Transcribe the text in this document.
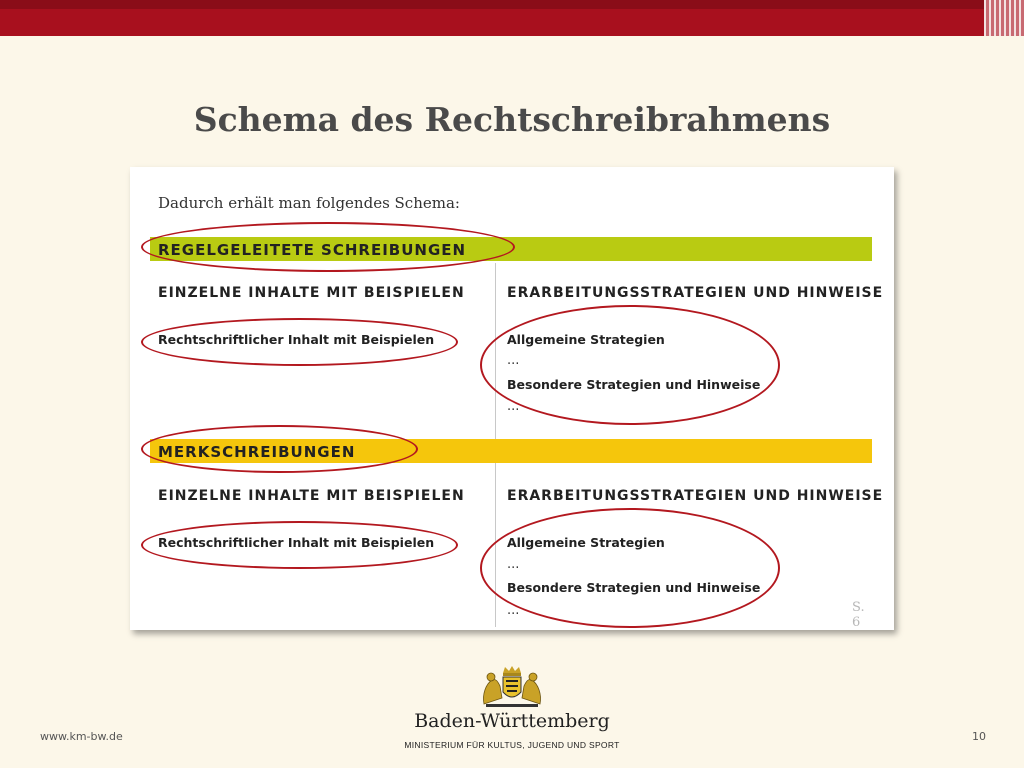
Schema des Rechtschreibrahmens
Dadurch erhält man folgendes Schema:
REGELGELEITETE SCHREIBUNGEN
EINZELNE INHALTE MIT BEISPIELEN	ERARBEITUNGSSTRATEGIEN UND HINWEISE
Rechtschriftlicher Inhalt mit Beispielen	Allgemeine Strategien
...
Besondere Strategien und Hinweise
...
MERKSCHREIBUNGEN
EINZELNE INHALTE MIT BEISPIELEN	ERARBEITUNGSSTRATEGIEN UND HINWEISE
Rechtschriftlicher Inhalt mit Beispielen	Allgemeine Strategien
...
Besondere Strategien und Hinweise
...	S. 6
www.km-bw.de	10
Baden-Württemberg
MINISTERIUM FÜR KULTUS, JUGEND UND SPORT
